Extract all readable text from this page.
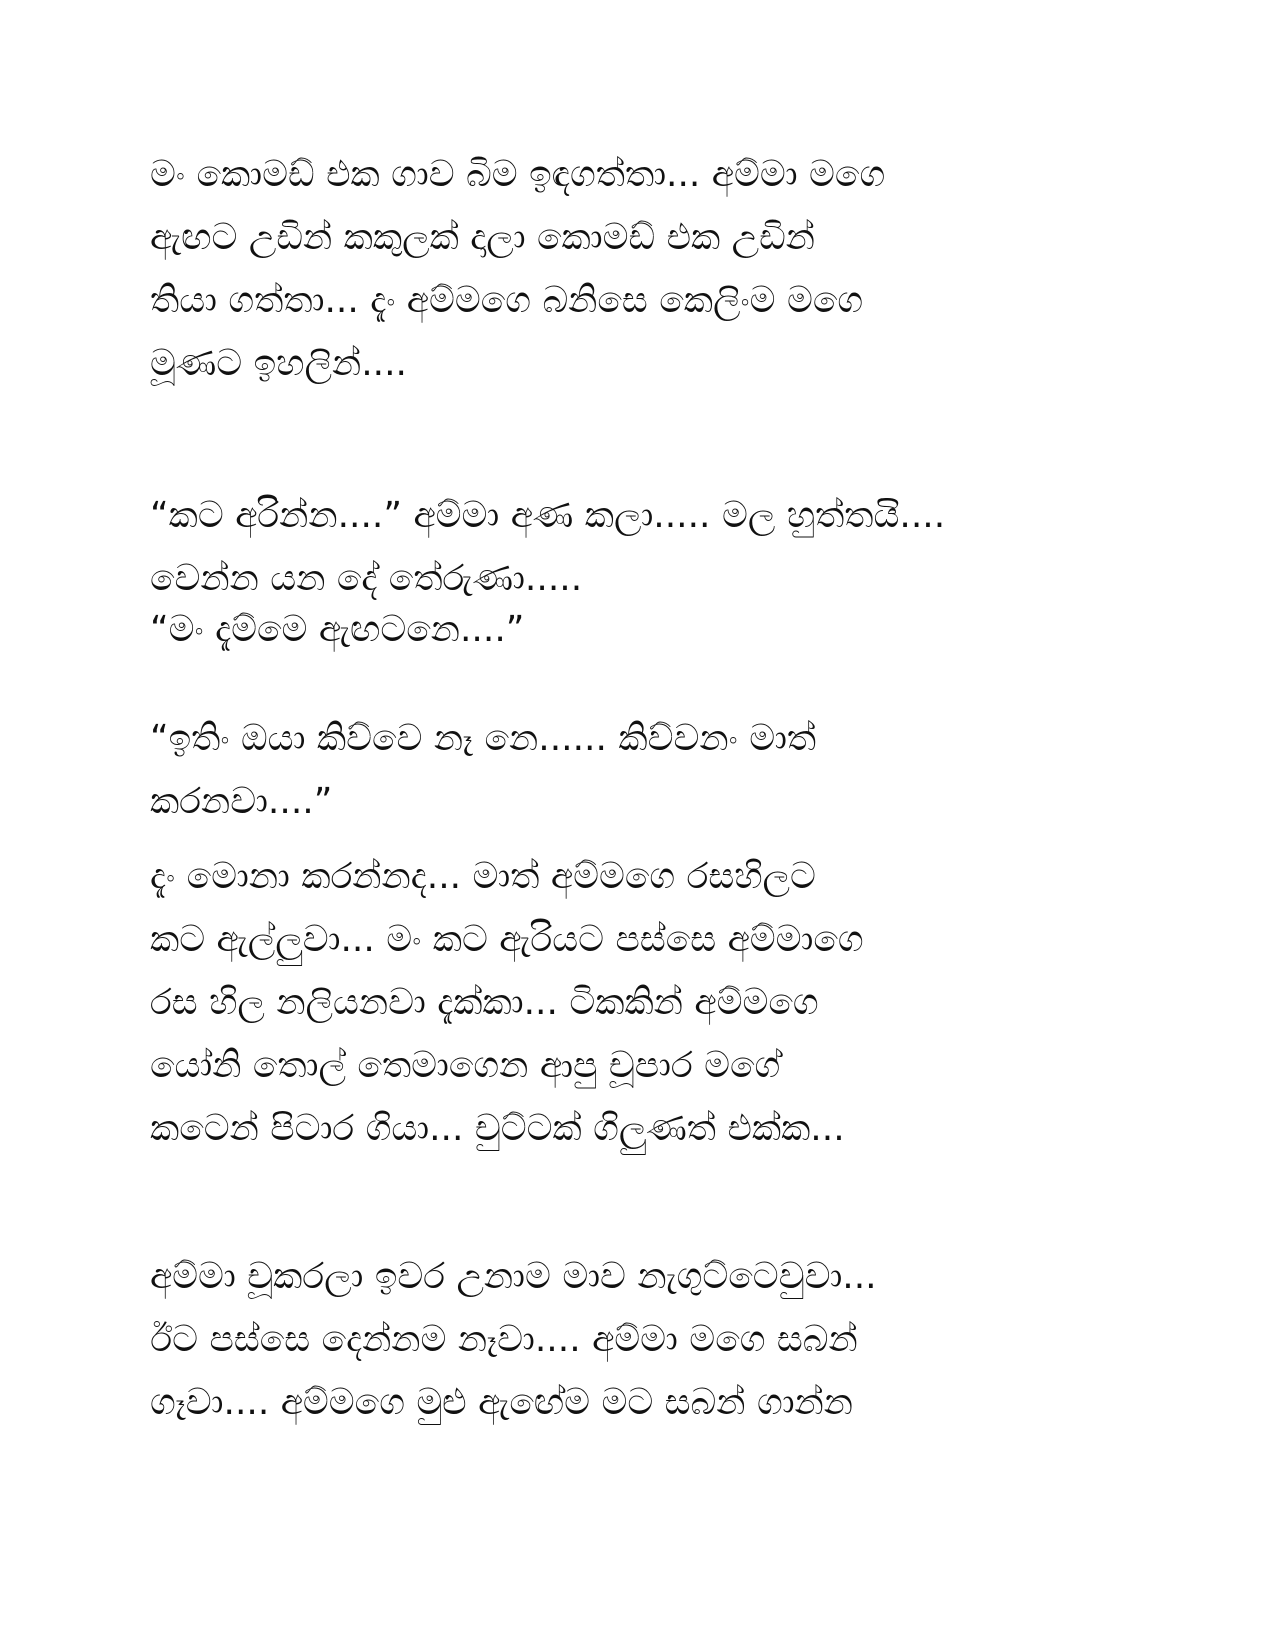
මං කොමඩ් එක ගාව බිම ඉඳගත්තා... අම්මා මගෙ
ඇඟට උඩින් කකුලක් දාලා කොමඩ් එක උඩින්
තියා ගත්තා... දැං අම්මගෙ බනිසෙ කෙලිංම මගෙ
මූණට ඉහලින්....
“කට අරින්න....” අම්මා අණ කලා..... මල හුත්තයි....
වෙන්න යන දේ තේරුණා.....
“මං දැම්මෙ ඇඟටනෙ....”
“ඉතිං ඔයා කිව්වෙ නෑ නෙ...... කිව්වනං මාත්
කරනවා....”
දැං මොනා කරන්නද... මාත් අම්මගෙ රසහිලට
කට ඇල්ලුවා... මං කට ඇරියට පස්සෙ අම්මාගෙ
රස හිල නලියනවා දැක්කා... ටිකකින් අම්මගෙ
යෝනි තොල් තෙමාගෙන ආපු චූපාර මගේ
කටෙන් පිටාර ගියා... චුට්ටක් ගිලුණත් එක්ක...
අම්මා චූකරලා ඉවර උනාම මාව නැගුට්ටෙවුවා...
ඊට පස්සෙ දෙන්නම නෑවා.... අම්මා මගෙ සබන්
ගෑවා.... අම්මගෙ මුළු ඇඟේම මට සබන් ගාන්න
